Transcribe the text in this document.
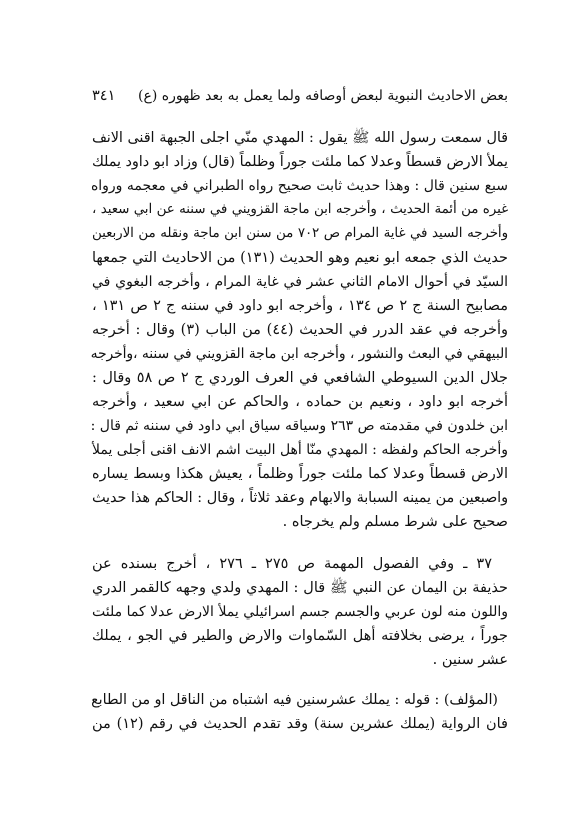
بعض الاحاديث النبوية لبعض أوصافه ولما يعمل به بعد ظهوره (ع)
٣٤١
قال سمعت رسول الله ﷺ يقول : المهدي منّي اجلى الجبهة اقنى الانف
يملأ الارض قسطاً وعدلا كما ملئت جوراً وظلماً (قال) وزاد ابو داود يملك
سبع سنين قال : وهذا حديث ثابت صحيح رواه الطبراني في معجمه ورواه
غيره من أئمة الحديث ، وأخرجه ابن ماجة القزويني في سننه عن ابي سعيد ،
وأخرجه السيد في غاية المرام ص ٧٠٢ من سنن ابن ماجة ونقله من الاربعين
حديث الذي جمعه ابو نعيم وهو الحديث (١٣١) من الاحاديث التي جمعها
السيّد في أحوال الامام الثاني عشر في غاية المرام ، وأخرجه البغوي في
مصابيح السنة ج ٢ ص ١٣٤ ، وأخرجه ابو داود في سننه ج ٢ ص ١٣١ ،
وأخرجه في عقد الدرر في الحديث (٤٤) من الباب (٣) وقال : أخرجه
البيهقي في البعث والنشور ، وأخرجه ابن ماجة القزويني في سننه ،وأخرجه
جلال الدين السيوطي الشافعي في العرف الوردي ج ٢ ص ٥٨ وقال :
أخرجه ابو داود ، ونعيم بن حماده ، والحاكم عن ابي سعيد ، وأخرجه
ابن خلدون في مقدمته ص ٢٦٣ وسياقه سياق ابي داود في سننه ثم قال :
وأخرجه الحاكم ولفظه : المهدي منّا أهل البيت اشم الانف اقنى أجلى يملأ
الارض قسطاً وعدلا كما ملئت جوراً وظلماً ، يعيش هكذا وبسط يساره
واصبعين من يمينه السبابة والابهام وعقد ثلاثاً ، وقال : الحاكم هذا حديث
صحيح على شرط مسلم ولم يخرجاه .
٣٧ ـ وفي الفصول المهمة ص ٢٧٥ ـ ٢٧٦ ، أخرج بسنده عن
حذيفة بن اليمان عن النبي ﷺ قال : المهدي ولدي وجهه كالقمر الدري
واللون منه لون عربي والجسم جسم اسرائيلي يملأ الارض عدلا كما ملئت
جوراً ، يرضى بخلافته أهل السّماوات والارض والطير في الجو ، يملك
عشر سنين .
(المؤلف) : قوله : يملك عشرسنين فيه اشتباه من الناقل او من الطابع
فان الرواية (يملك عشرين سنة) وقد تقدم الحديث في رقم (١٢) من
